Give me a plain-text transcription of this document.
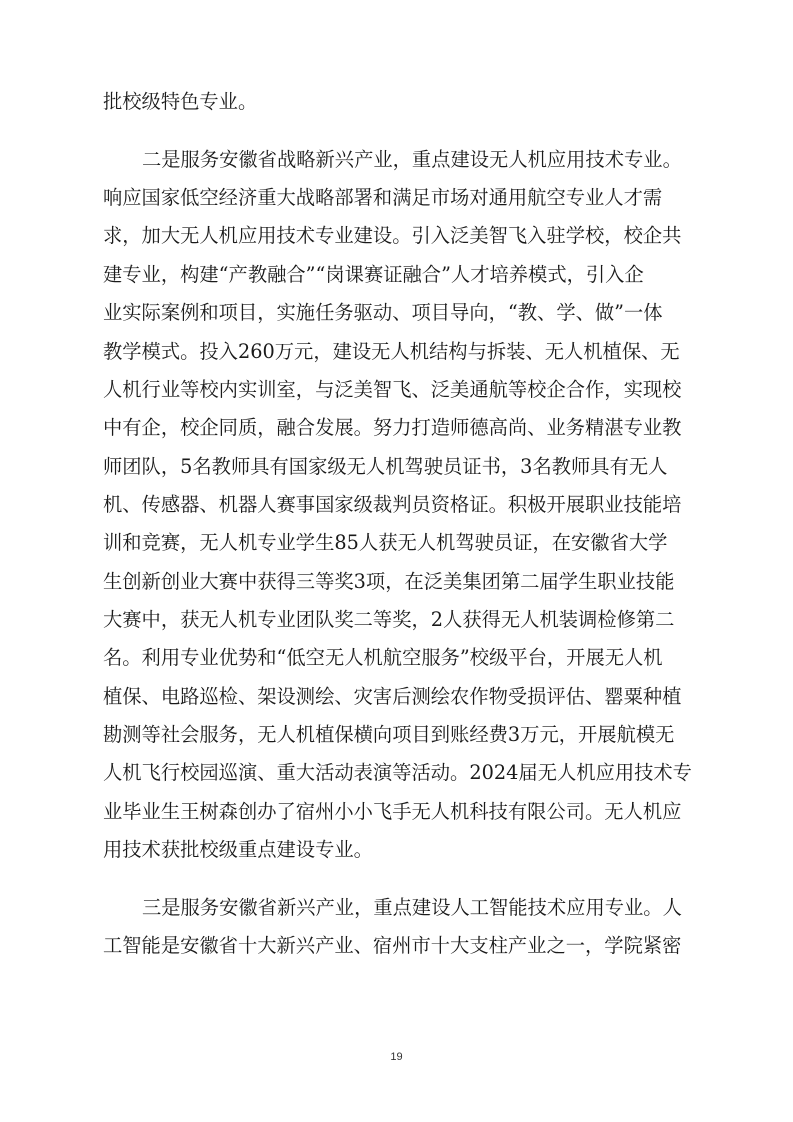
批校级特色专业。
二是服务安徽省战略新兴产业，重点建设无人机应用技术专业。
响应国家低空经济重大战略部署和满足市场对通用航空专业人才需
求，加大无人机应用技术专业建设。引入泛美智飞入驻学校，校企共
建专业，构建“产教融合”“岗课赛证融合”人才培养模式，引入企
业实际案例和项目，实施任务驱动、项目导向，“教、学、做”一体
教学模式。投入260万元，建设无人机结构与拆装、无人机植保、无
人机行业等校内实训室，与泛美智飞、泛美通航等校企合作，实现校
中有企，校企同质，融合发展。努力打造师德高尚、业务精湛专业教
师团队，5名教师具有国家级无人机驾驶员证书，3名教师具有无人
机、传感器、机器人赛事国家级裁判员资格证。积极开展职业技能培
训和竞赛，无人机专业学生85人获无人机驾驶员证，在安徽省大学
生创新创业大赛中获得三等奖3项，在泛美集团第二届学生职业技能
大赛中，获无人机专业团队奖二等奖，2人获得无人机装调检修第二
名。利用专业优势和“低空无人机航空服务”校级平台，开展无人机
植保、电路巡检、架设测绘、灾害后测绘农作物受损评估、罂粟种植
勘测等社会服务，无人机植保横向项目到账经费3万元，开展航模无
人机飞行校园巡演、重大活动表演等活动。2024届无人机应用技术专
业毕业生王树森创办了宿州小小飞手无人机科技有限公司。无人机应
用技术获批校级重点建设专业。
三是服务安徽省新兴产业，重点建设人工智能技术应用专业。人
工智能是安徽省十大新兴产业、宿州市十大支柱产业之一，学院紧密
19
